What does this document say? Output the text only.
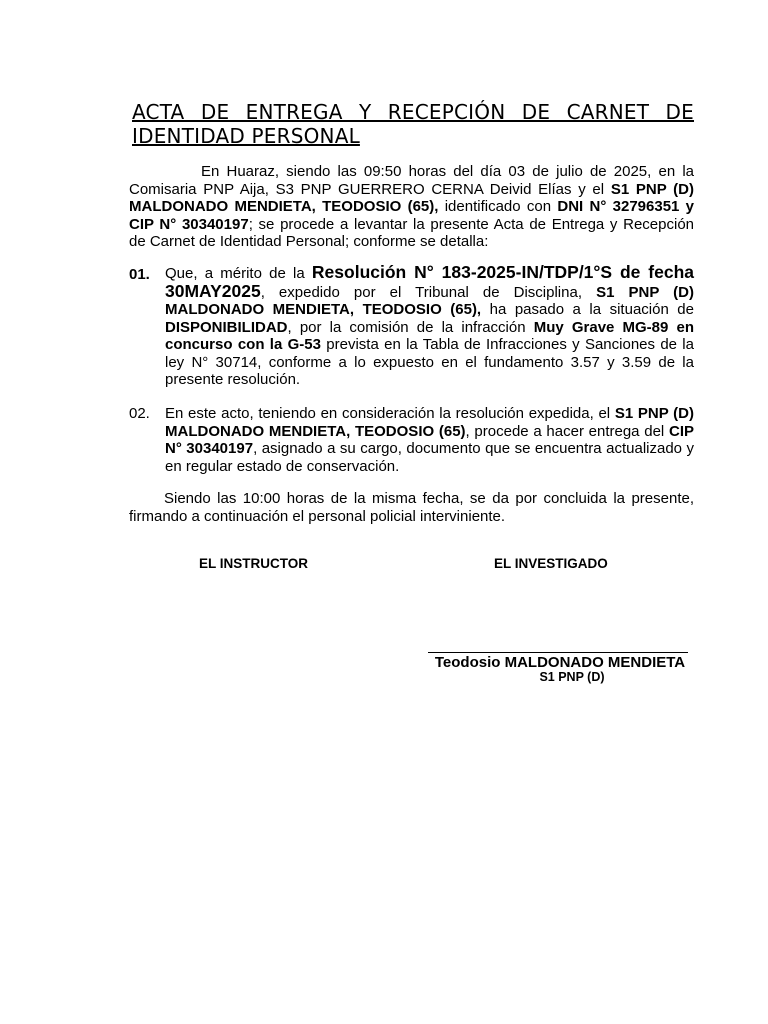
ACTA DE ENTREGA Y RECEPCIÓN DE CARNET DE IDENTIDAD PERSONAL
En Huaraz, siendo las 09:50 horas del día 03 de julio de 2025, en la Comisaria PNP Aija, S3 PNP GUERRERO CERNA Deivid Elías y el S1 PNP (D) MALDONADO MENDIETA, TEODOSIO (65), identificado con DNI N° 32796351 y CIP N° 30340197; se procede a levantar la presente Acta de Entrega y Recepción de Carnet de Identidad Personal; conforme se detalla:
01. Que, a mérito de la Resolución N° 183-2025-IN/TDP/1°S de fecha 30MAY2025, expedido por el Tribunal de Disciplina, S1 PNP (D) MALDONADO MENDIETA, TEODOSIO (65), ha pasado a la situación de DISPONIBILIDAD, por la comisión de la infracción Muy Grave MG-89 en concurso con la G-53 prevista en la Tabla de Infracciones y Sanciones de la ley N° 30714, conforme a lo expuesto en el fundamento 3.57 y 3.59 de la presente resolución.
02. En este acto, teniendo en consideración la resolución expedida, el S1 PNP (D) MALDONADO MENDIETA, TEODOSIO (65), procede a hacer entrega del CIP N° 30340197, asignado a su cargo, documento que se encuentra actualizado y en regular estado de conservación.
Siendo las 10:00 horas de la misma fecha, se da por concluida la presente, firmando a continuación el personal policial interviniente.
EL INSTRUCTOR	EL INVESTIGADO
Teodosio MALDONADO MENDIETA
S1 PNP (D)
